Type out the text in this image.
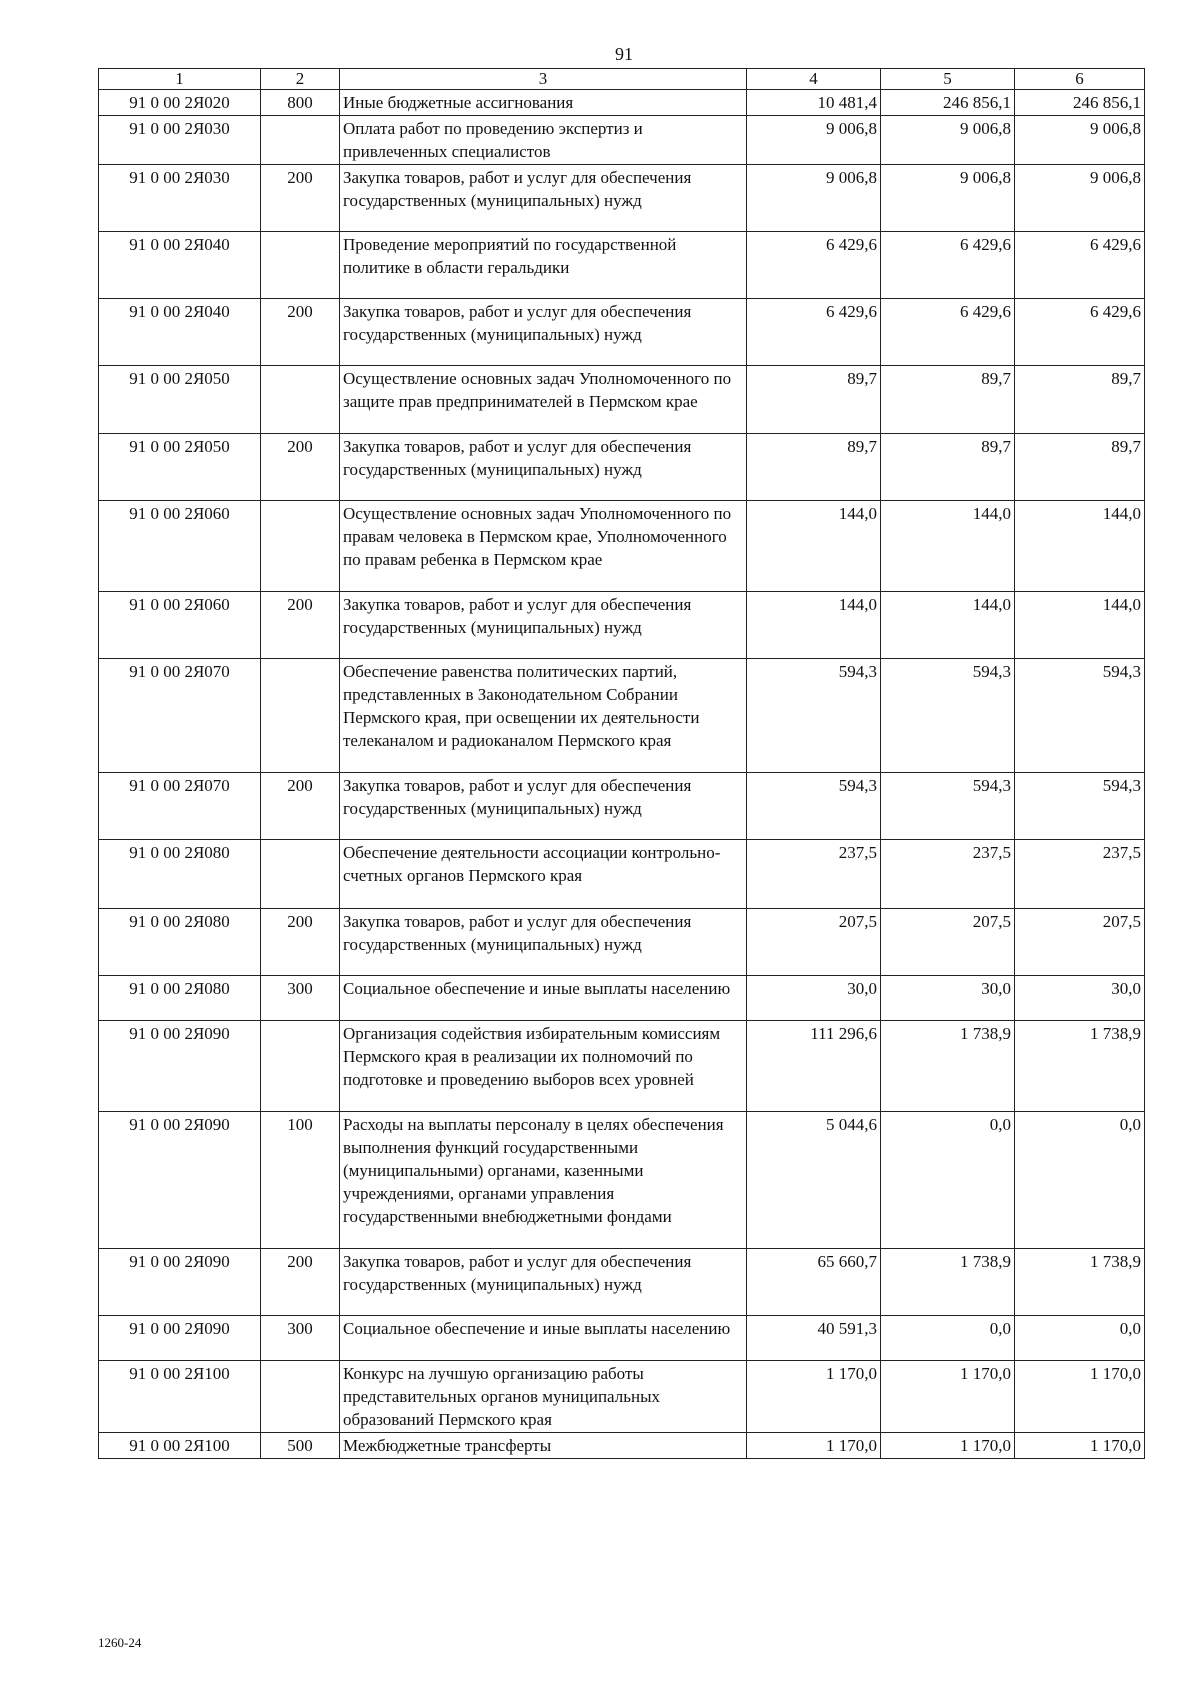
91
1	2	3	4	5	6
91 0 00 2Я020	800	Иные бюджетные ассигнования	10 481,4	246 856,1	246 856,1
91 0 00 2Я030		Оплата работ по проведению экспертиз и привлеченных специалистов	9 006,8	9 006,8	9 006,8
91 0 00 2Я030	200	Закупка товаров, работ и услуг для обеспечения государственных (муниципальных) нужд	9 006,8	9 006,8	9 006,8
91 0 00 2Я040		Проведение мероприятий по государственной политике в области геральдики	6 429,6	6 429,6	6 429,6
91 0 00 2Я040	200	Закупка товаров, работ и услуг для обеспечения государственных (муниципальных) нужд	6 429,6	6 429,6	6 429,6
91 0 00 2Я050		Осуществление основных задач Уполномоченного по защите прав предпринимателей в Пермском крае	89,7	89,7	89,7
91 0 00 2Я050	200	Закупка товаров, работ и услуг для обеспечения государственных (муниципальных) нужд	89,7	89,7	89,7
91 0 00 2Я060		Осуществление основных задач Уполномоченного по правам человека в Пермском крае, Уполномоченного по правам ребенка в Пермском крае	144,0	144,0	144,0
91 0 00 2Я060	200	Закупка товаров, работ и услуг для обеспечения государственных (муниципальных) нужд	144,0	144,0	144,0
91 0 00 2Я070		Обеспечение равенства политических партий, представленных в Законодательном Собрании Пермского края, при освещении их деятельности телеканалом и радиоканалом Пермского края	594,3	594,3	594,3
91 0 00 2Я070	200	Закупка товаров, работ и услуг для обеспечения государственных (муниципальных) нужд	594,3	594,3	594,3
91 0 00 2Я080		Обеспечение деятельности ассоциации контрольно-счетных органов Пермского края	237,5	237,5	237,5
91 0 00 2Я080	200	Закупка товаров, работ и услуг для обеспечения государственных (муниципальных) нужд	207,5	207,5	207,5
91 0 00 2Я080	300	Социальное обеспечение и иные выплаты населению	30,0	30,0	30,0
91 0 00 2Я090		Организация содействия избирательным комиссиям Пермского края в реализации их полномочий по подготовке и проведению выборов всех уровней	111 296,6	1 738,9	1 738,9
91 0 00 2Я090	100	Расходы на выплаты персоналу в целях обеспечения выполнения функций государственными (муниципальными) органами, казенными учреждениями, органами управления государственными внебюджетными фондами	5 044,6	0,0	0,0
91 0 00 2Я090	200	Закупка товаров, работ и услуг для обеспечения государственных (муниципальных) нужд	65 660,7	1 738,9	1 738,9
91 0 00 2Я090	300	Социальное обеспечение и иные выплаты населению	40 591,3	0,0	0,0
91 0 00 2Я100		Конкурс на лучшую организацию работы представительных органов муниципальных образований Пермского края	1 170,0	1 170,0	1 170,0
91 0 00 2Я100	500	Межбюджетные трансферты	1 170,0	1 170,0	1 170,0
1260-24
